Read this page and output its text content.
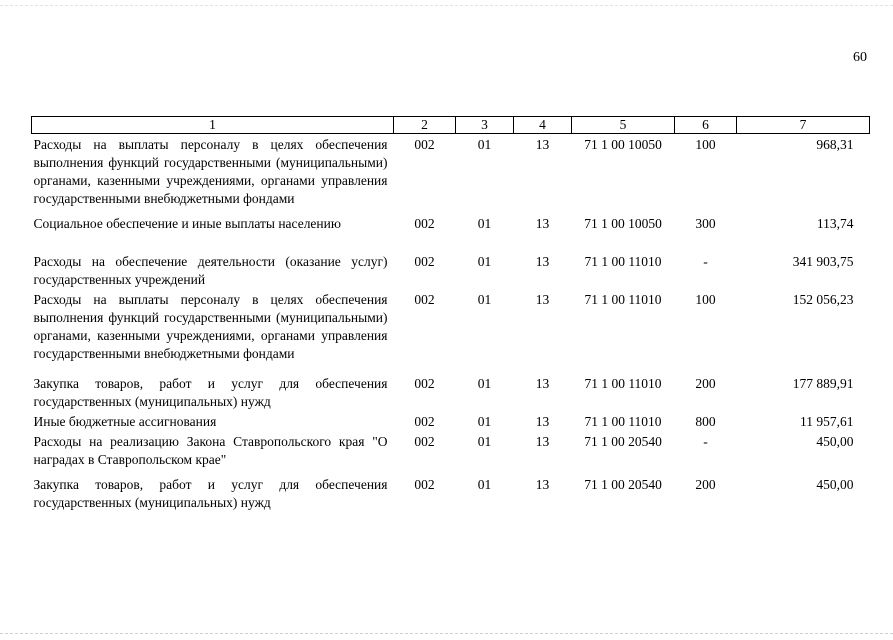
60
1	2	3	4	5	6	7
Расходы на выплаты персоналу в целях обеспечения выполнения функций государственными (муниципальными) органами, казенными учреждениями, органами управления государственными внебюджетными фондами	002	01	13	71 1 00 10050	100	968,31
Социальное обеспечение и иные выплаты населению	002	01	13	71 1 00 10050	300	113,74
Расходы на обеспечение деятельности (оказание услуг) государственных учреждений	002	01	13	71 1 00 11010	-	341 903,75
Расходы на выплаты персоналу в целях обеспечения выполнения функций государственными (муниципальными) органами, казенными учреждениями, органами управления государственными внебюджетными фондами	002	01	13	71 1 00 11010	100	152 056,23
Закупка товаров, работ и услуг для обеспечения государственных (муниципальных) нужд	002	01	13	71 1 00 11010	200	177 889,91
Иные бюджетные ассигнования	002	01	13	71 1 00 11010	800	11 957,61
Расходы на реализацию Закона Ставропольского края "О наградах в Ставропольском крае"	002	01	13	71 1 00 20540	-	450,00
Закупка товаров, работ и услуг для обеспечения государственных (муниципальных) нужд	002	01	13	71 1 00 20540	200	450,00
